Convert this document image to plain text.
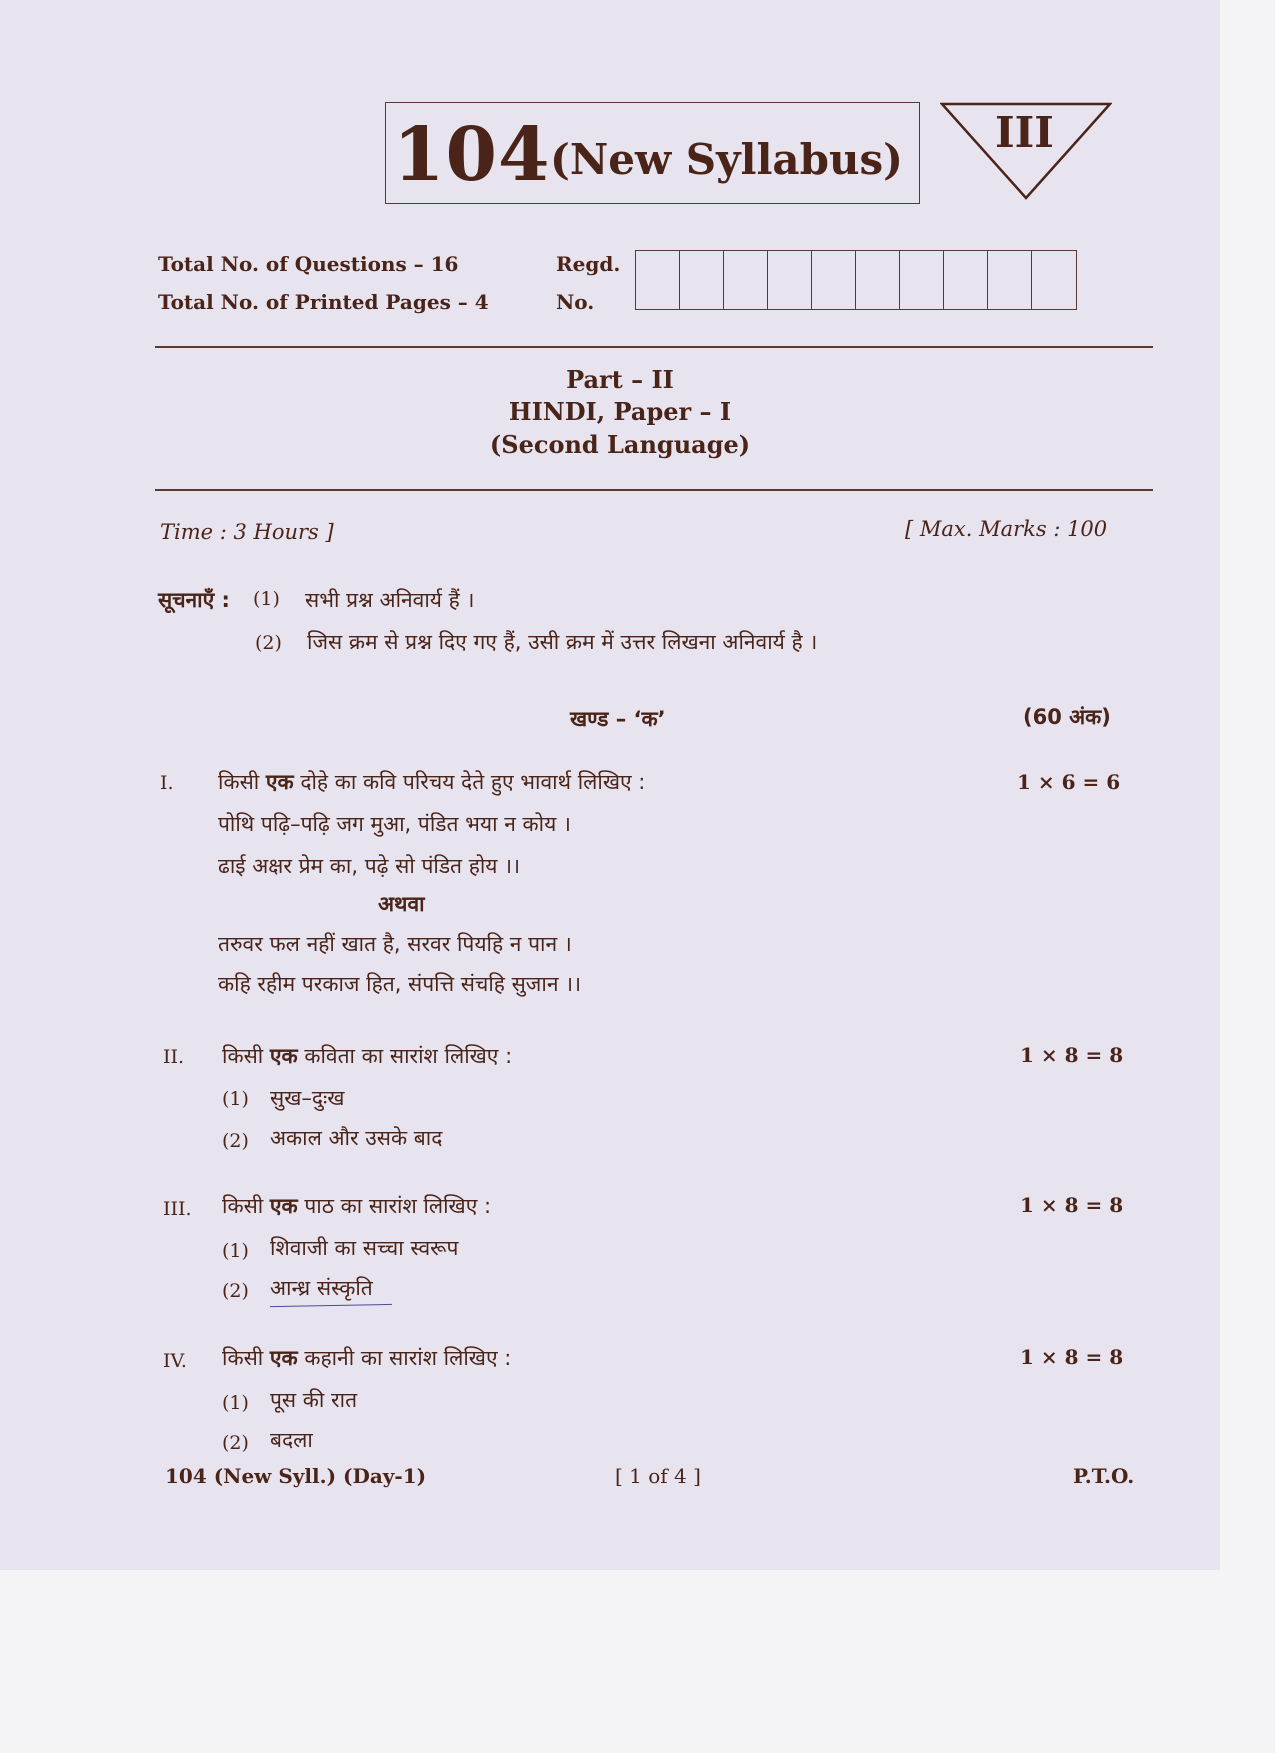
104 (New Syllabus)
III
Total No. of Questions – 16
Total No. of Printed Pages – 4
Regd.
No.
Part – II
HINDI, Paper – I
(Second Language)
Time : 3 Hours ]	[ Max. Marks : 100
सूचनाएँ : (1) सभी प्रश्न अनिवार्य हैं ।
(2) जिस क्रम से प्रश्न दिए गए हैं, उसी क्रम में उत्तर लिखना अनिवार्य है ।
खण्ड – ‘क’	(60 अंक)
I. किसी एक दोहे का कवि परिचय देते हुए भावार्थ लिखिए :	1 × 6 = 6
पोथि पढ़ि–पढ़ि जग मुआ, पंडित भया न कोय ।
ढाई अक्षर प्रेम का, पढ़े सो पंडित होय ।।
अथवा
तरुवर फल नहीं खात है, सरवर पियहि न पान ।
कहि रहीम परकाज हित, संपत्ति संचहि सुजान ।।
II. किसी एक कविता का सारांश लिखिए :	1 × 8 = 8
(1) सुख–दुःख
(2) अकाल और उसके बाद
III. किसी एक पाठ का सारांश लिखिए :	1 × 8 = 8
(1) शिवाजी का सच्चा स्वरूप
(2) आन्ध्र संस्कृति
IV. किसी एक कहानी का सारांश लिखिए :	1 × 8 = 8
(1) पूस की रात
(2) बदला
104 (New Syll.) (Day-1)	[ 1 of 4 ]	P.T.O.
